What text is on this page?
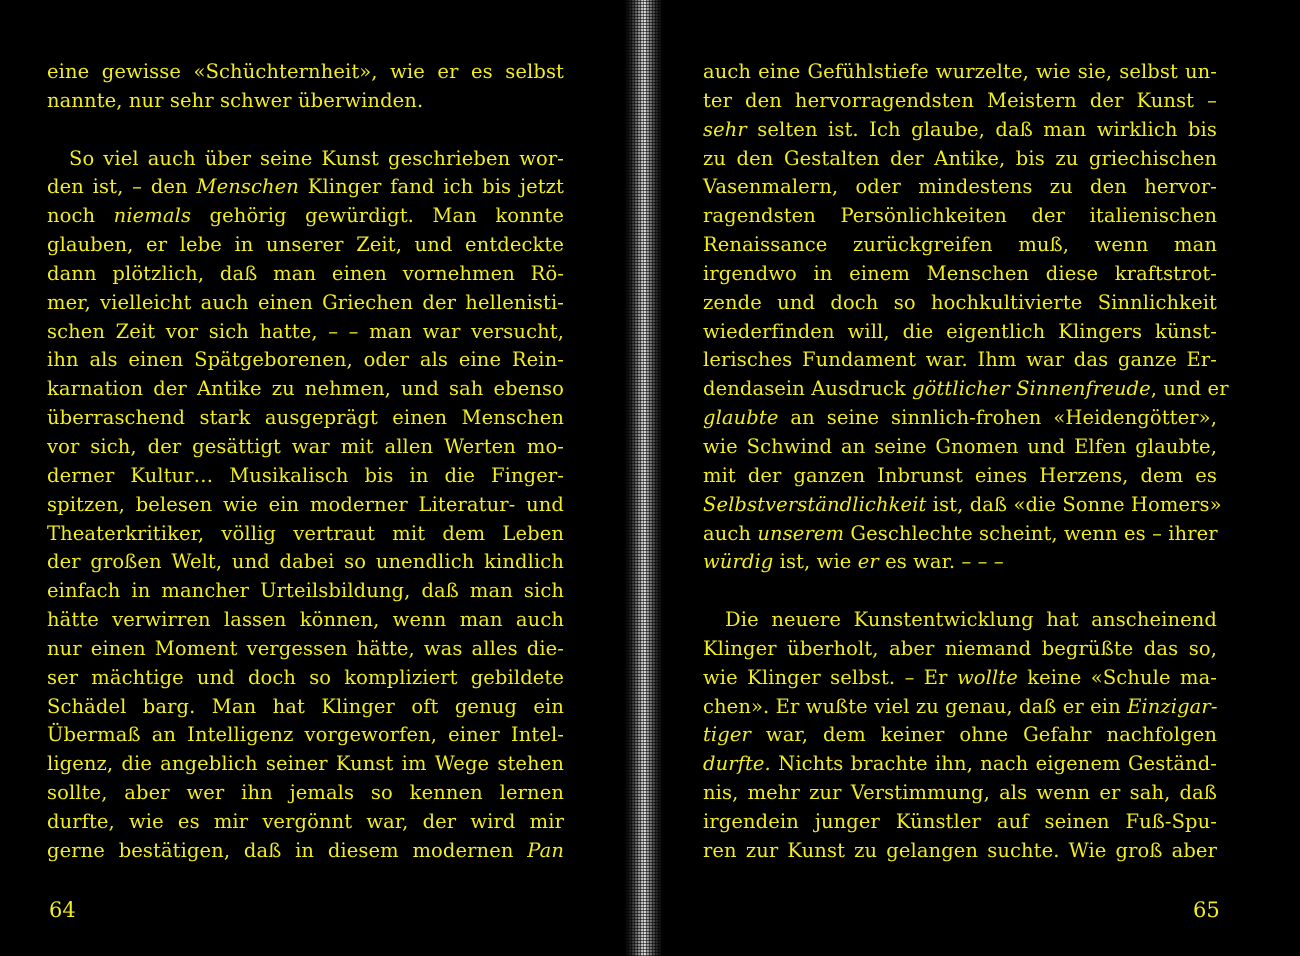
eine gewisse «Schüchternheit», wie er es selbst
nannte, nur sehr schwer überwinden.
So viel auch über seine Kunst geschrieben wor-
den ist, – den Menschen Klinger fand ich bis jetzt
noch niemals gehörig gewürdigt. Man konnte
glauben, er lebe in unserer Zeit, und entdeckte
dann plötzlich, daß man einen vornehmen Rö-
mer, vielleicht auch einen Griechen der hellenisti-
schen Zeit vor sich hatte, – – man war versucht,
ihn als einen Spätgeborenen, oder als eine Rein-
karnation der Antike zu nehmen, und sah ebenso
überraschend stark ausgeprägt einen Menschen
vor sich, der gesättigt war mit allen Werten mo-
derner Kultur… Musikalisch bis in die Finger-
spitzen, belesen wie ein moderner Literatur- und
Theaterkritiker, völlig vertraut mit dem Leben
der großen Welt, und dabei so unendlich kindlich
einfach in mancher Urteilsbildung, daß man sich
hätte verwirren lassen können, wenn man auch
nur einen Moment vergessen hätte, was alles die-
ser mächtige und doch so kompliziert gebildete
Schädel barg. Man hat Klinger oft genug ein
Übermaß an Intelligenz vorgeworfen, einer Intel-
ligenz, die angeblich seiner Kunst im Wege stehen
sollte, aber wer ihn jemals so kennen lernen
durfte, wie es mir vergönnt war, der wird mir
gerne bestätigen, daß in diesem modernen Pan
64
auch eine Gefühlstiefe wurzelte, wie sie, selbst un-
ter den hervorragendsten Meistern der Kunst –
sehr selten ist. Ich glaube, daß man wirklich bis
zu den Gestalten der Antike, bis zu griechischen
Vasenmalern, oder mindestens zu den hervor-
ragendsten Persönlichkeiten der italienischen
Renaissance zurückgreifen muß, wenn man
irgendwo in einem Menschen diese kraftstrot-
zende und doch so hochkultivierte Sinnlichkeit
wiederfinden will, die eigentlich Klingers künst-
lerisches Fundament war. Ihm war das ganze Er-
dendasein Ausdruck göttlicher Sinnenfreude, und er
glaubte an seine sinnlich-frohen «Heidengötter»,
wie Schwind an seine Gnomen und Elfen glaubte,
mit der ganzen Inbrunst eines Herzens, dem es
Selbstverständlichkeit ist, daß «die Sonne Homers»
auch unserem Geschlechte scheint, wenn es – ihrer
würdig ist, wie er es war. – – –
Die neuere Kunstentwicklung hat anscheinend
Klinger überholt, aber niemand begrüßte das so,
wie Klinger selbst. – Er wollte keine «Schule ma-
chen». Er wußte viel zu genau, daß er ein Einzigar-
tiger war, dem keiner ohne Gefahr nachfolgen
durfte. Nichts brachte ihn, nach eigenem Geständ-
nis, mehr zur Verstimmung, als wenn er sah, daß
irgendein junger Künstler auf seinen Fuß-Spu-
ren zur Kunst zu gelangen suchte. Wie groß aber
65
